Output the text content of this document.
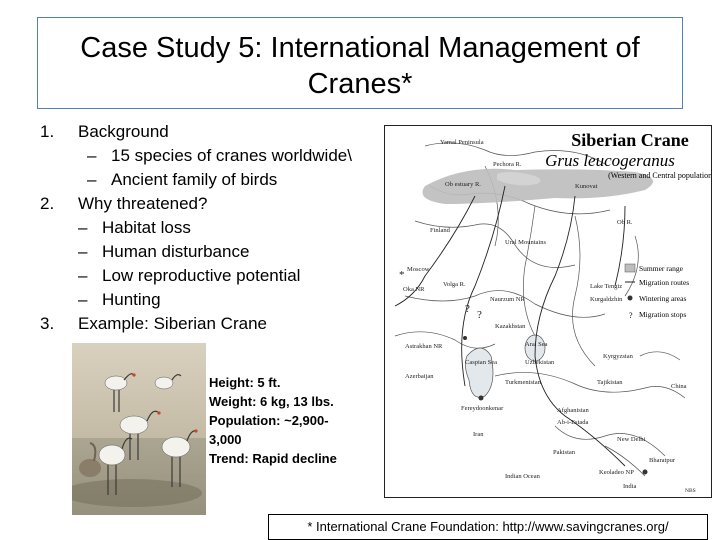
Case Study 5: International Management of
Cranes*
1. Background
– 15 species of cranes worldwide\
– Ancient family of birds
2. Why threatened?
– Habitat loss
– Human disturbance
– Low reproductive potential
– Hunting
3. Example: Siberian Crane
Siberian Crane
Grus leucogeranus
(Western and Central populations)
Summer range
Migration routes
Wintering areas
? Migration stops
Yamal Peninsula
Pechora R.
Ob estuary R.	Kunovat
Ural Mountains
Finland
Moscow
Oka NR
Volga R.
Ob R.
Kazakhstan
Kurgaldzhin
Naurzum NR
Lake Tengiz
Astrakhan NR
Caspian Sea
Aral Sea
Uzbekistan
Azerbaijan
Turkmenistan
Fereydoonkenar
Iran
Afghanistan
Ab-i-Estada
Pakistan
Kyrgyzstan
Tajikistan
China
India
Keoladeo NP
New Delhi
Bharatpur
Indian Ocean
NBS
*
? ?
Height: 5 ft.
Weight: 6 kg, 13 lbs.
Population: ~2,900-
3,000
Trend: Rapid decline
* International Crane Foundation: http://www.savingcranes.org/
